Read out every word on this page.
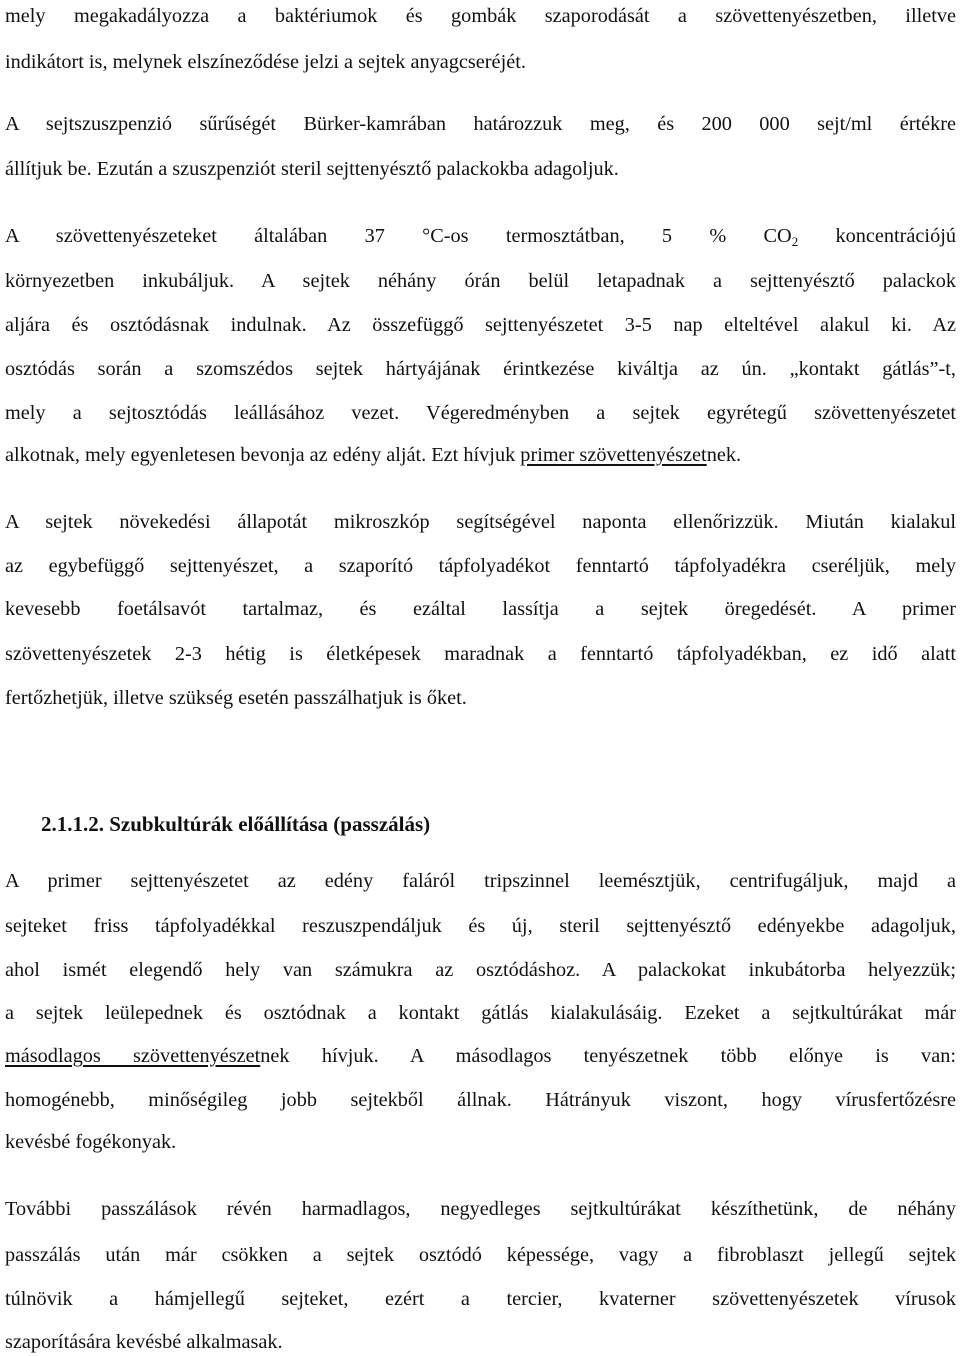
mely megakadályozza a baktériumok és gombák szaporodását a szövettenyészetben, illetve
indikátort is, melynek elszíneződése jelzi a sejtek anyagcseréjét.
A sejtszuszpenzió sűrűségét Bürker-kamrában határozzuk meg, és 200 000 sejt/ml értékre
állítjuk be. Ezután a szuszpenziót steril sejttenyésztő palackokba adagoljuk.
A szövettenyészeteket általában 37 °C-os termosztátban, 5 % $CO_2$ koncentrációjú
környezetben inkubáljuk. A sejtek néhány órán belül letapadnak a sejttenyésztő palackok
aljára és osztódásnak indulnak. Az összefüggő sejttenyészetet 3-5 nap elteltével alakul ki. Az
osztódás során a szomszédos sejtek hártyájának érintkezése kiváltja az ún. „kontakt gátlás”-t,
mely a sejtosztódás leállásához vezet. Végeredményben a sejtek egyrétegű szövettenyészetet
alkotnak, mely egyenletesen bevonja az edény alját. Ezt hívjuk primer szövettenyészetnek.
A sejtek növekedési állapotát mikroszkóp segítségével naponta ellenőrizzük. Miután kialakul
az egybefüggő sejttenyészet, a szaporító tápfolyadékot fenntartó tápfolyadékra cseréljük, mely
kevesebb foetálsavót tartalmaz, és ezáltal lassítja a sejtek öregedését. A primer
szövettenyészetek 2-3 hétig is életképesek maradnak a fenntartó tápfolyadékban, ez idő alatt
fertőzhetjük, illetve szükség esetén passzálhatjuk is őket.
2.1.1.2. Szubkultúrák előállítása (passzálás)
A primer sejttenyészetet az edény faláról tripszinnel leemésztjük, centrifugáljuk, majd a
sejteket friss tápfolyadékkal reszuszpendáljuk és új, steril sejttenyésztő edényekbe adagoljuk,
ahol ismét elegendő hely van számukra az osztódáshoz. A palackokat inkubátorba helyezzük;
a sejtek leülepednek és osztódnak a kontakt gátlás kialakulásáig. Ezeket a sejtkultúrákat már
másodlagos szövettenyészetnek hívjuk. A másodlagos tenyészetnek több előnye is van:
homogénebb, minőségileg jobb sejtekből állnak. Hátrányuk viszont, hogy vírusfertőzésre
kevésbé fogékonyak.
További passzálások révén harmadlagos, negyedleges sejtkultúrákat készíthetünk, de néhány
passzálás után már csökken a sejtek osztódó képessége, vagy a fibroblaszt jellegű sejtek
túlnövik a hámjellegű sejteket, ezért a tercier, kvaterner szövettenyészetek vírusok
szaporítására kevésbé alkalmasak.
